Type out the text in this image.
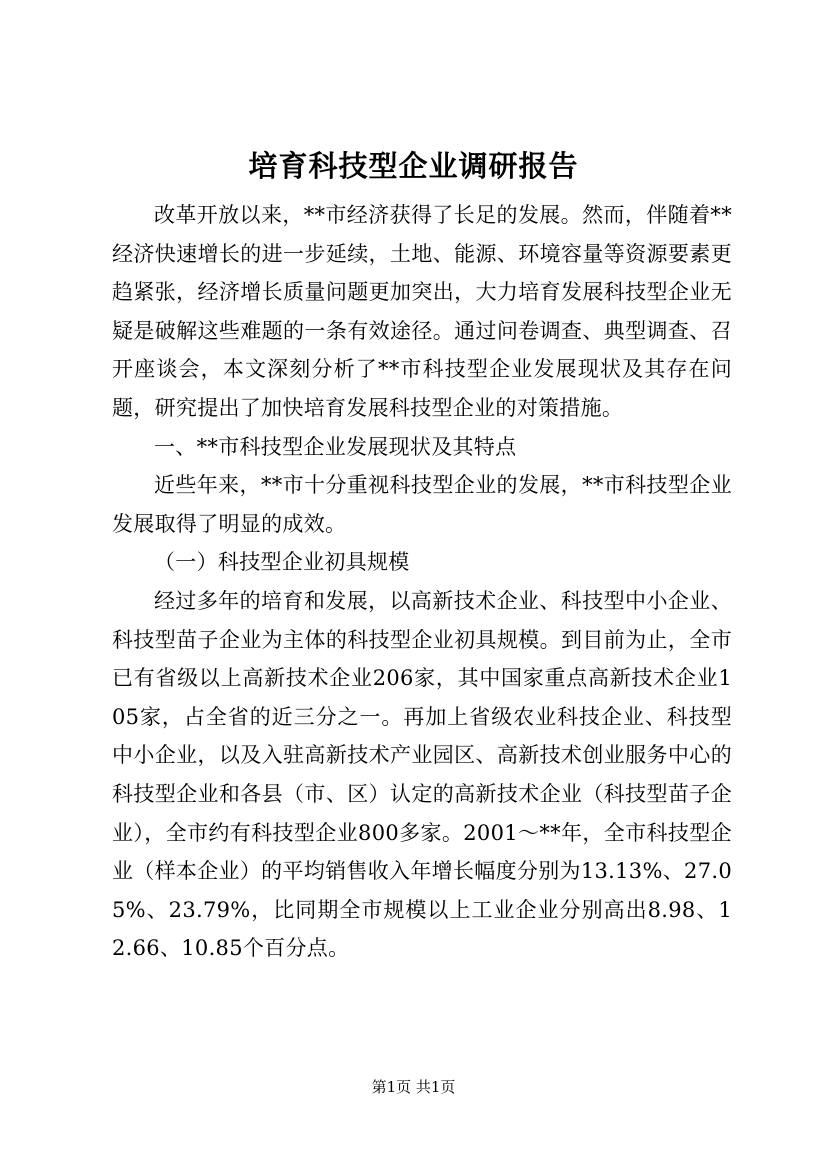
培育科技型企业调研报告

改革开放以来，**市经济获得了长足的发展。然而，伴随着**经济快速增长的进一步延续，土地、能源、环境容量等资源要素更趋紧张，经济增长质量问题更加突出，大力培育发展科技型企业无疑是破解这些难题的一条有效途径。通过问卷调查、典型调查、召开座谈会，本文深刻分析了**市科技型企业发展现状及其存在问题，研究提出了加快培育发展科技型企业的对策措施。

一、**市科技型企业发展现状及其特点

近些年来，**市十分重视科技型企业的发展，**市科技型企业发展取得了明显的成效。

（一）科技型企业初具规模

经过多年的培育和发展，以高新技术企业、科技型中小企业、科技型苗子企业为主体的科技型企业初具规模。到目前为止，全市已有省级以上高新技术企业206家，其中国家重点高新技术企业105家，占全省的近三分之一。再加上省级农业科技企业、科技型中小企业，以及入驻高新技术产业园区、高新技术创业服务中心的科技型企业和各县（市、区）认定的高新技术企业（科技型苗子企业），全市约有科技型企业800多家。2001～**年，全市科技型企业（样本企业）的平均销售收入年增长幅度分别为13.13%、27.05%、23.79%，比同期全市规模以上工业企业分别高出8.98、12.66、10.85个百分点。

第1页 共1页
